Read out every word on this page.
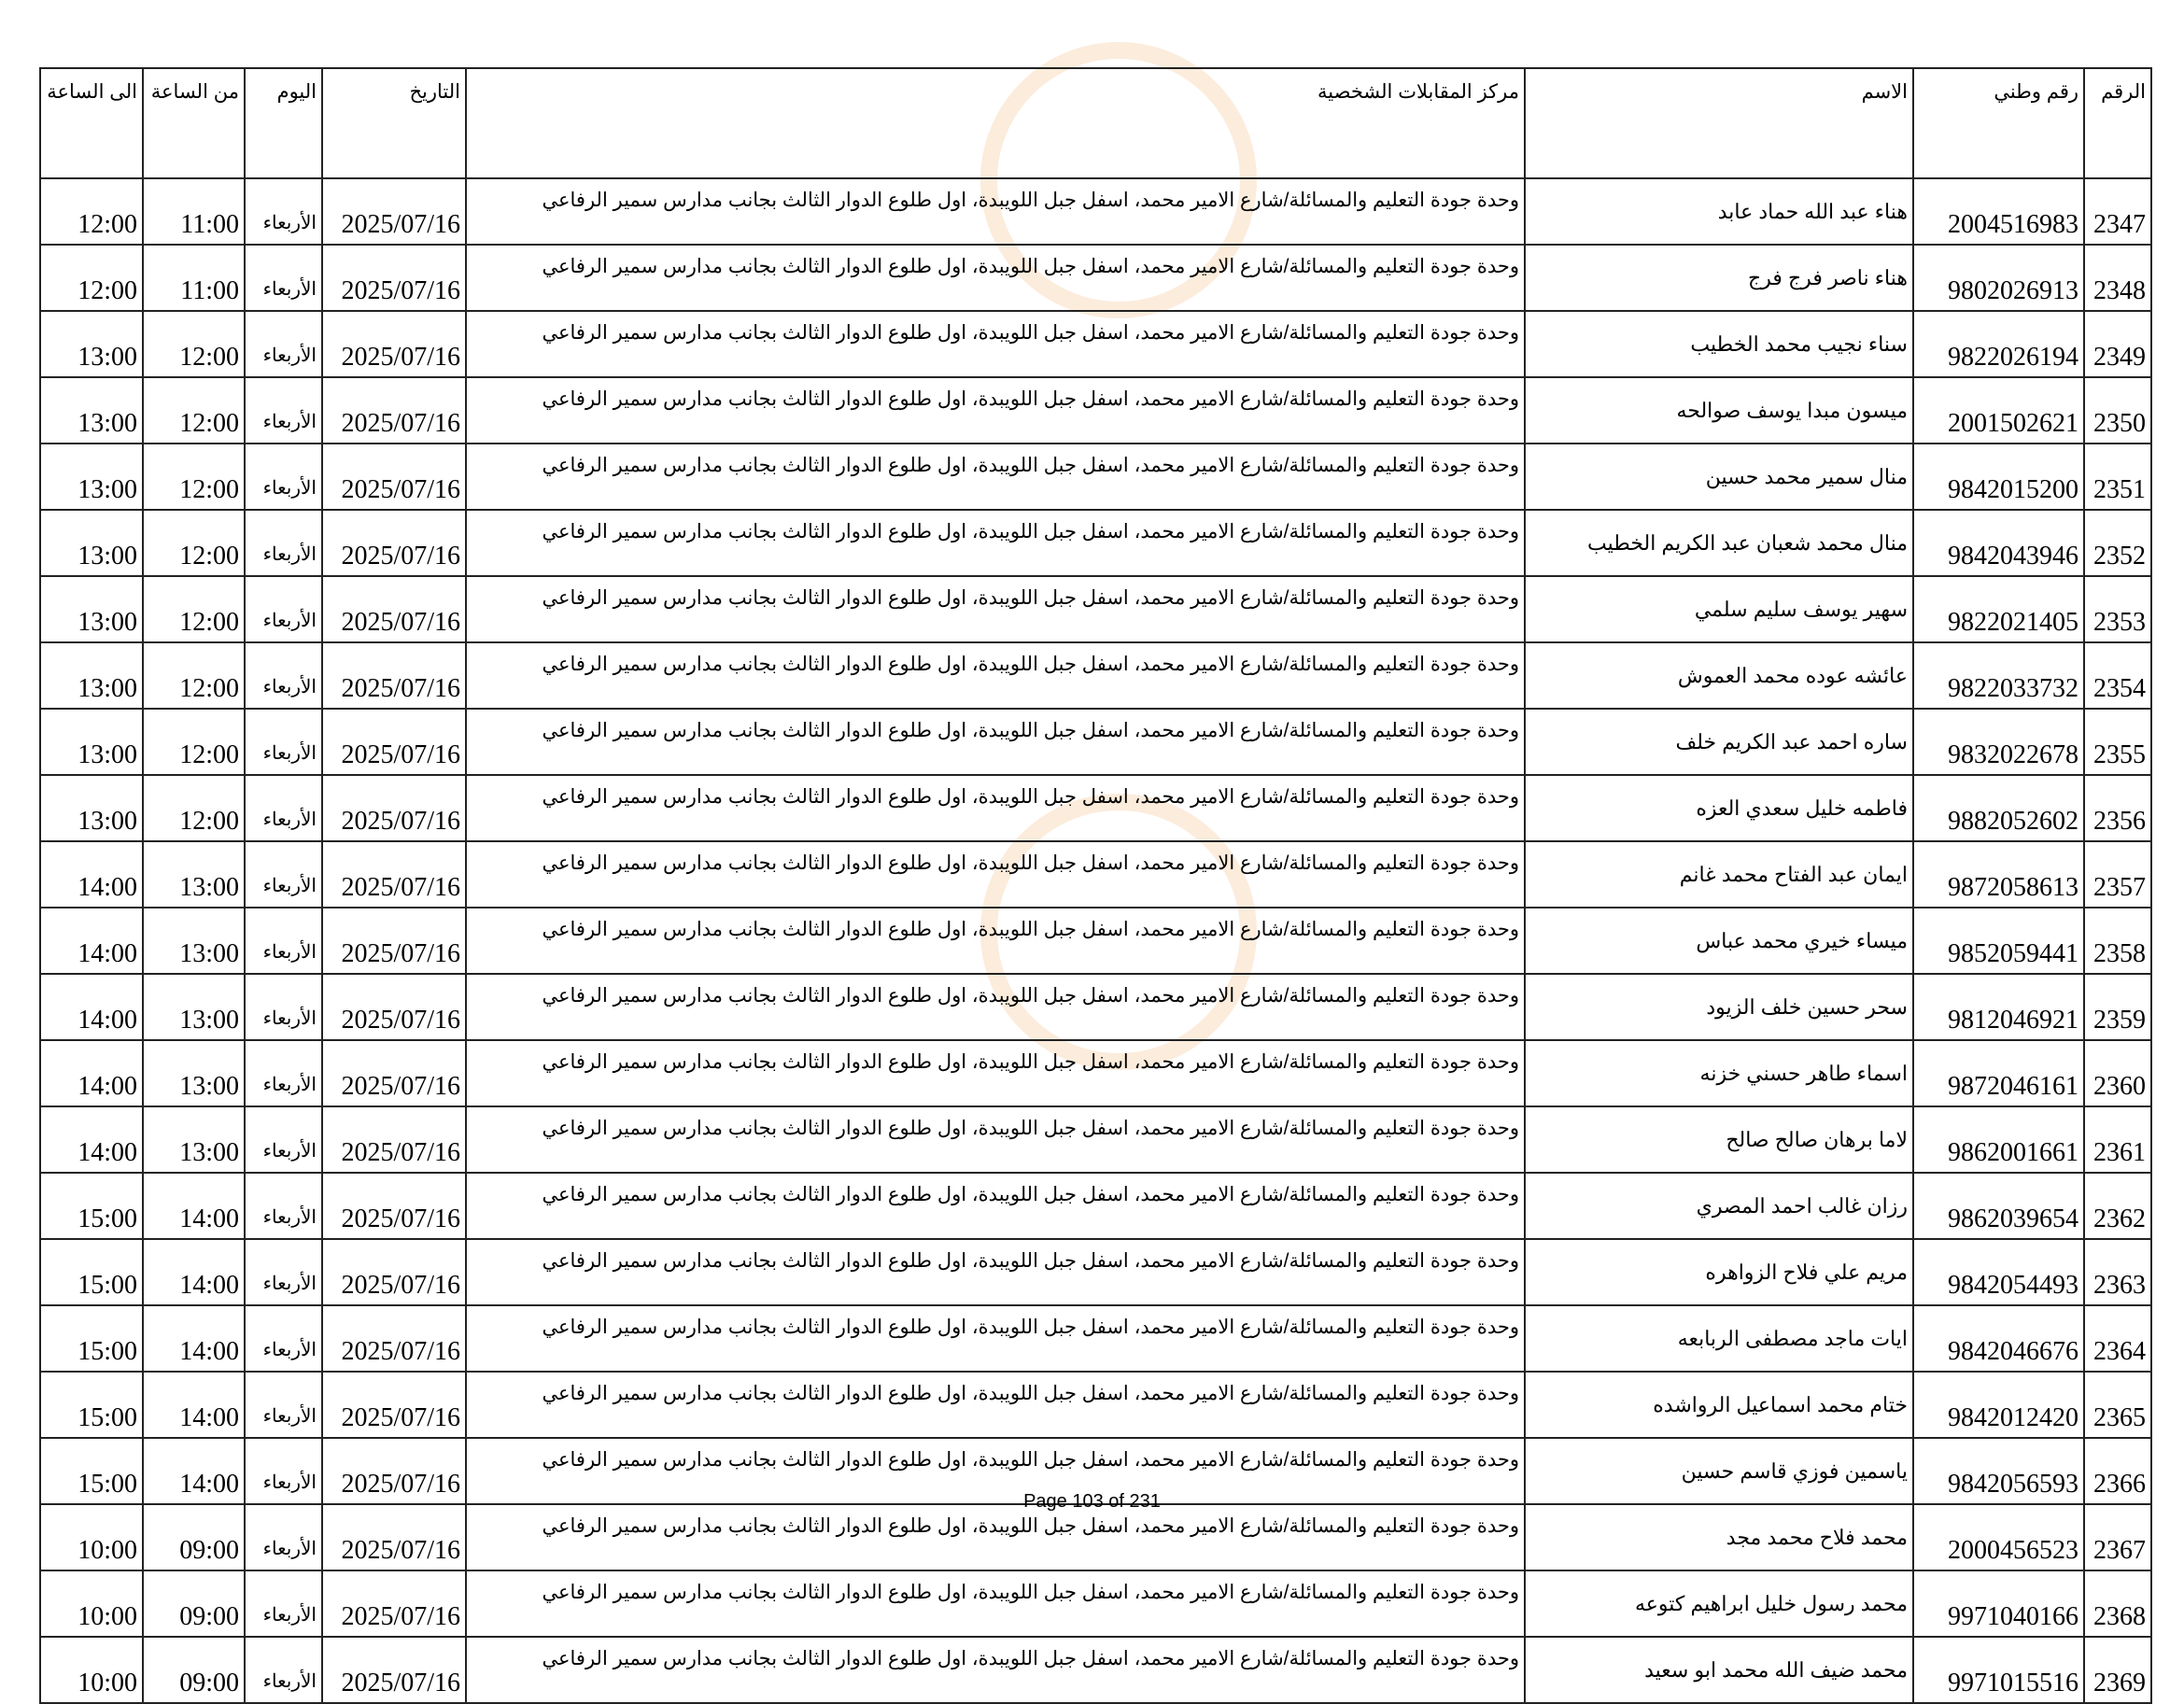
الرقم	رقم وطني	الاسم	مركز المقابلات الشخصية	التاريخ	اليوم	من الساعة	الى الساعة
2347	2004516983	هناء عبد الله حماد عابد	وحدة جودة التعليم والمسائلة/شارع الامير محمد، اسفل جبل اللويبدة، اول طلوع الدوار الثالث بجانب مدارس سمير الرفاعي	2025/07/16	الأربعاء	11:00	12:00
2348	9802026913	هناء ناصر فرج فرج	وحدة جودة التعليم والمسائلة/شارع الامير محمد، اسفل جبل اللويبدة، اول طلوع الدوار الثالث بجانب مدارس سمير الرفاعي	2025/07/16	الأربعاء	11:00	12:00
2349	9822026194	سناء نجيب محمد الخطيب	وحدة جودة التعليم والمسائلة/شارع الامير محمد، اسفل جبل اللويبدة، اول طلوع الدوار الثالث بجانب مدارس سمير الرفاعي	2025/07/16	الأربعاء	12:00	13:00
2350	2001502621	ميسون مبدا يوسف صوالحه	وحدة جودة التعليم والمسائلة/شارع الامير محمد، اسفل جبل اللويبدة، اول طلوع الدوار الثالث بجانب مدارس سمير الرفاعي	2025/07/16	الأربعاء	12:00	13:00
2351	9842015200	منال سمير محمد حسين	وحدة جودة التعليم والمسائلة/شارع الامير محمد، اسفل جبل اللويبدة، اول طلوع الدوار الثالث بجانب مدارس سمير الرفاعي	2025/07/16	الأربعاء	12:00	13:00
2352	9842043946	منال محمد شعبان عبد الكريم الخطيب	وحدة جودة التعليم والمسائلة/شارع الامير محمد، اسفل جبل اللويبدة، اول طلوع الدوار الثالث بجانب مدارس سمير الرفاعي	2025/07/16	الأربعاء	12:00	13:00
2353	9822021405	سهير يوسف سليم سلمي	وحدة جودة التعليم والمسائلة/شارع الامير محمد، اسفل جبل اللويبدة، اول طلوع الدوار الثالث بجانب مدارس سمير الرفاعي	2025/07/16	الأربعاء	12:00	13:00
2354	9822033732	عائشه عوده محمد العموش	وحدة جودة التعليم والمسائلة/شارع الامير محمد، اسفل جبل اللويبدة، اول طلوع الدوار الثالث بجانب مدارس سمير الرفاعي	2025/07/16	الأربعاء	12:00	13:00
2355	9832022678	ساره احمد عبد الكريم خلف	وحدة جودة التعليم والمسائلة/شارع الامير محمد، اسفل جبل اللويبدة، اول طلوع الدوار الثالث بجانب مدارس سمير الرفاعي	2025/07/16	الأربعاء	12:00	13:00
2356	9882052602	فاطمه خليل سعدي العزه	وحدة جودة التعليم والمسائلة/شارع الامير محمد، اسفل جبل اللويبدة، اول طلوع الدوار الثالث بجانب مدارس سمير الرفاعي	2025/07/16	الأربعاء	12:00	13:00
2357	9872058613	ايمان عبد الفتاح محمد غانم	وحدة جودة التعليم والمسائلة/شارع الامير محمد، اسفل جبل اللويبدة، اول طلوع الدوار الثالث بجانب مدارس سمير الرفاعي	2025/07/16	الأربعاء	13:00	14:00
2358	9852059441	ميساء خيري محمد عباس	وحدة جودة التعليم والمسائلة/شارع الامير محمد، اسفل جبل اللويبدة، اول طلوع الدوار الثالث بجانب مدارس سمير الرفاعي	2025/07/16	الأربعاء	13:00	14:00
2359	9812046921	سحر حسين خلف الزيود	وحدة جودة التعليم والمسائلة/شارع الامير محمد، اسفل جبل اللويبدة، اول طلوع الدوار الثالث بجانب مدارس سمير الرفاعي	2025/07/16	الأربعاء	13:00	14:00
2360	9872046161	اسماء طاهر حسني خزنه	وحدة جودة التعليم والمسائلة/شارع الامير محمد، اسفل جبل اللويبدة، اول طلوع الدوار الثالث بجانب مدارس سمير الرفاعي	2025/07/16	الأربعاء	13:00	14:00
2361	9862001661	لاما برهان صالح صالح	وحدة جودة التعليم والمسائلة/شارع الامير محمد، اسفل جبل اللويبدة، اول طلوع الدوار الثالث بجانب مدارس سمير الرفاعي	2025/07/16	الأربعاء	13:00	14:00
2362	9862039654	رزان غالب احمد المصري	وحدة جودة التعليم والمسائلة/شارع الامير محمد، اسفل جبل اللويبدة، اول طلوع الدوار الثالث بجانب مدارس سمير الرفاعي	2025/07/16	الأربعاء	14:00	15:00
2363	9842054493	مريم علي فلاح الزواهره	وحدة جودة التعليم والمسائلة/شارع الامير محمد، اسفل جبل اللويبدة، اول طلوع الدوار الثالث بجانب مدارس سمير الرفاعي	2025/07/16	الأربعاء	14:00	15:00
2364	9842046676	ايات ماجد مصطفى الربابعه	وحدة جودة التعليم والمسائلة/شارع الامير محمد، اسفل جبل اللويبدة، اول طلوع الدوار الثالث بجانب مدارس سمير الرفاعي	2025/07/16	الأربعاء	14:00	15:00
2365	9842012420	ختام محمد اسماعيل الرواشده	وحدة جودة التعليم والمسائلة/شارع الامير محمد، اسفل جبل اللويبدة، اول طلوع الدوار الثالث بجانب مدارس سمير الرفاعي	2025/07/16	الأربعاء	14:00	15:00
2366	9842056593	ياسمين فوزي قاسم حسين	وحدة جودة التعليم والمسائلة/شارع الامير محمد، اسفل جبل اللويبدة، اول طلوع الدوار الثالث بجانب مدارس سمير الرفاعي	2025/07/16	الأربعاء	14:00	15:00
2367	2000456523	محمد فلاح محمد مجد	وحدة جودة التعليم والمسائلة/شارع الامير محمد، اسفل جبل اللويبدة، اول طلوع الدوار الثالث بجانب مدارس سمير الرفاعي	2025/07/16	الأربعاء	09:00	10:00
2368	9971040166	محمد رسول خليل ابراهيم كتوعه	وحدة جودة التعليم والمسائلة/شارع الامير محمد، اسفل جبل اللويبدة، اول طلوع الدوار الثالث بجانب مدارس سمير الرفاعي	2025/07/16	الأربعاء	09:00	10:00
2369	9971015516	محمد ضيف الله محمد ابو سعيد	وحدة جودة التعليم والمسائلة/شارع الامير محمد، اسفل جبل اللويبدة، اول طلوع الدوار الثالث بجانب مدارس سمير الرفاعي	2025/07/16	الأربعاء	09:00	10:00
Page 103 of 231
